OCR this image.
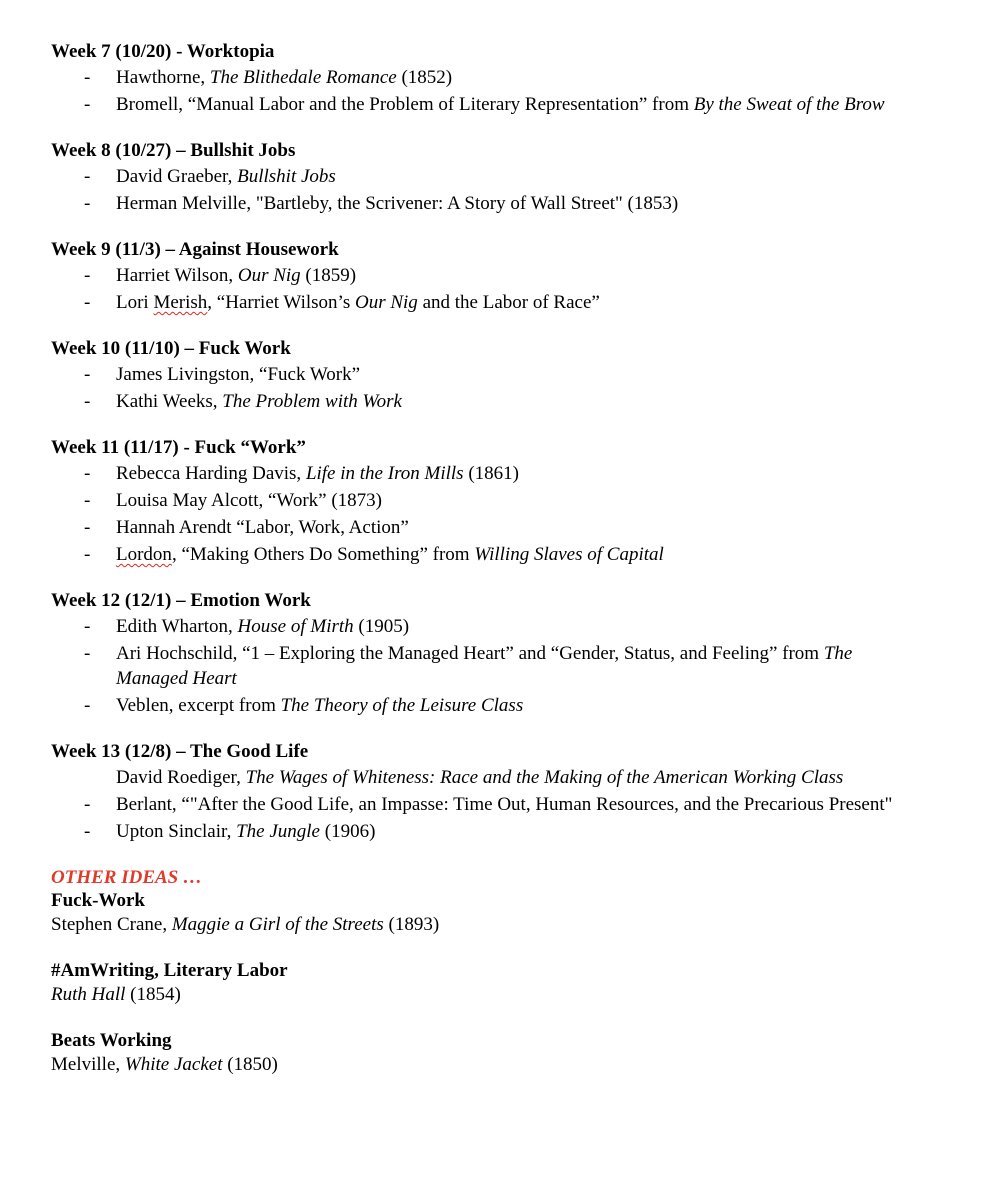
Week 7 (10/20) - Worktopia
- Hawthorne, The Blithedale Romance (1852)
- Bromell, “Manual Labor and the Problem of Literary Representation” from By the Sweat of the Brow
Week 8 (10/27) – Bullshit Jobs
- David Graeber, Bullshit Jobs
- Herman Melville, "Bartleby, the Scrivener: A Story of Wall Street" (1853)
Week 9 (11/3) – Against Housework
- Harriet Wilson, Our Nig (1859)
- Lori Merish, “Harriet Wilson’s Our Nig and the Labor of Race”
Week 10 (11/10) – Fuck Work
- James Livingston, “Fuck Work”
- Kathi Weeks, The Problem with Work
Week 11 (11/17) - Fuck “Work”
- Rebecca Harding Davis, Life in the Iron Mills (1861)
- Louisa May Alcott, “Work” (1873)
- Hannah Arendt “Labor, Work, Action”
- Lordon, “Making Others Do Something” from Willing Slaves of Capital
Week 12 (12/1) – Emotion Work
- Edith Wharton, House of Mirth (1905)
- Ari Hochschild, “1 – Exploring the Managed Heart” and “Gender, Status, and Feeling” from The Managed Heart
- Veblen, excerpt from The Theory of the Leisure Class
Week 13 (12/8) – The Good Life
David Roediger, The Wages of Whiteness: Race and the Making of the American Working Class
- Berlant, “"After the Good Life, an Impasse: Time Out, Human Resources, and the Precarious Present"
- Upton Sinclair, The Jungle (1906)
OTHER IDEAS …
Fuck-Work
Stephen Crane, Maggie a Girl of the Streets (1893)
#AmWriting, Literary Labor
Ruth Hall (1854)
Beats Working
Melville, White Jacket (1850)
